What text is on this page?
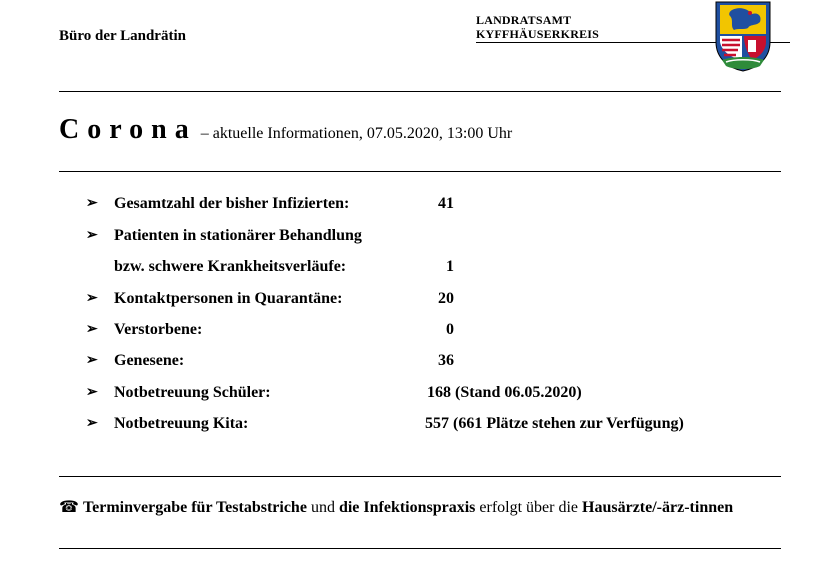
Büro der Landrätin
LANDRATSAMT
KYFFHÄUSERKREIS
Corona – aktuelle Informationen, 07.05.2020, 13:00 Uhr
➢ Gesamtzahl der bisher Infizierten:	41
➢ Patienten in stationärer Behandlung
bzw. schwere Krankheitsverläufe:	1
➢ Kontaktpersonen in Quarantäne:	20
➢ Verstorbene:	0
➢ Genesene:	36
➢ Notbetreuung Schüler:	168 (Stand 06.05.2020)
➢ Notbetreuung Kita:	557 (661 Plätze stehen zur Verfügung)
☎ Terminvergabe für Testabstriche und die Infektionspraxis erfolgt über die Hausärzte/-ärz-tinnen
